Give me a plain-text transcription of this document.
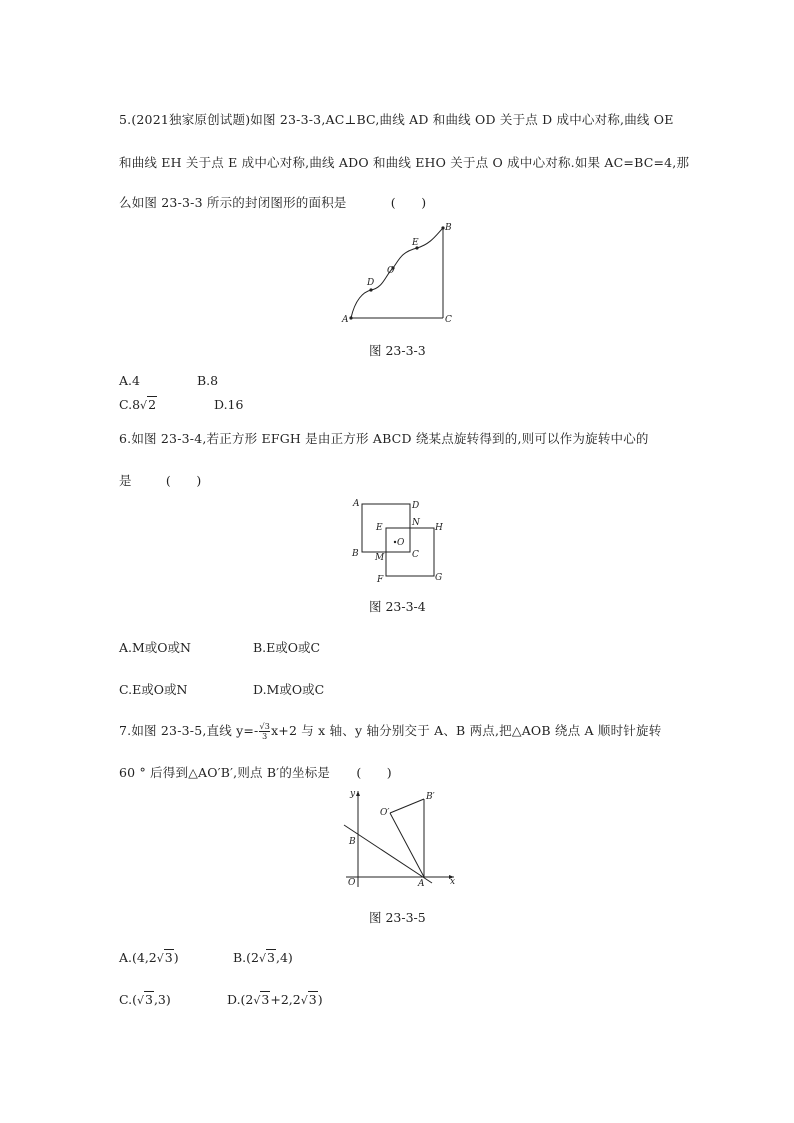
5.(2021独家原创试题)如图 23-3-3,AC⊥BC,曲线 AD 和曲线 OD 关于点 D 成中心对称,曲线 OE
和曲线 EH 关于点 E 成中心对称,曲线 ADO 和曲线 EHO 关于点 O 成中心对称.如果 AC=BC=4,那
么如图 23-3-3 所示的封闭图形的面积是	(　　)
A
D
O
E
B
C
图 23-3-3
A.4	B.8
C.8√2	D.16
6.如图 23-3-4,若正方形 EFGH 是由正方形 ABCD 绕某点旋转得到的,则可以作为旋转中心的
是	(　　)
A	D
E	N H
O
B M	C
F	G
图 23-3-4
A.M或O或N	B.E或O或C
C.E或O或N	D.M或O或C
7.如图 23-3-5,直线 $y=- \frac{√3}{3} x+2$ 与 x 轴、y 轴分别交于 A、B 两点,把△AOB 绕点 A 顺时针旋转
60 ° 后得到△AO′B′,则点 B′的坐标是 (　　)
y
O′
B′
B
O	A	x
图 23-3-5
A.(4,2√3)	B.(2√3,4)
C.(√3,3)	D.(2√3+2,2√3)
